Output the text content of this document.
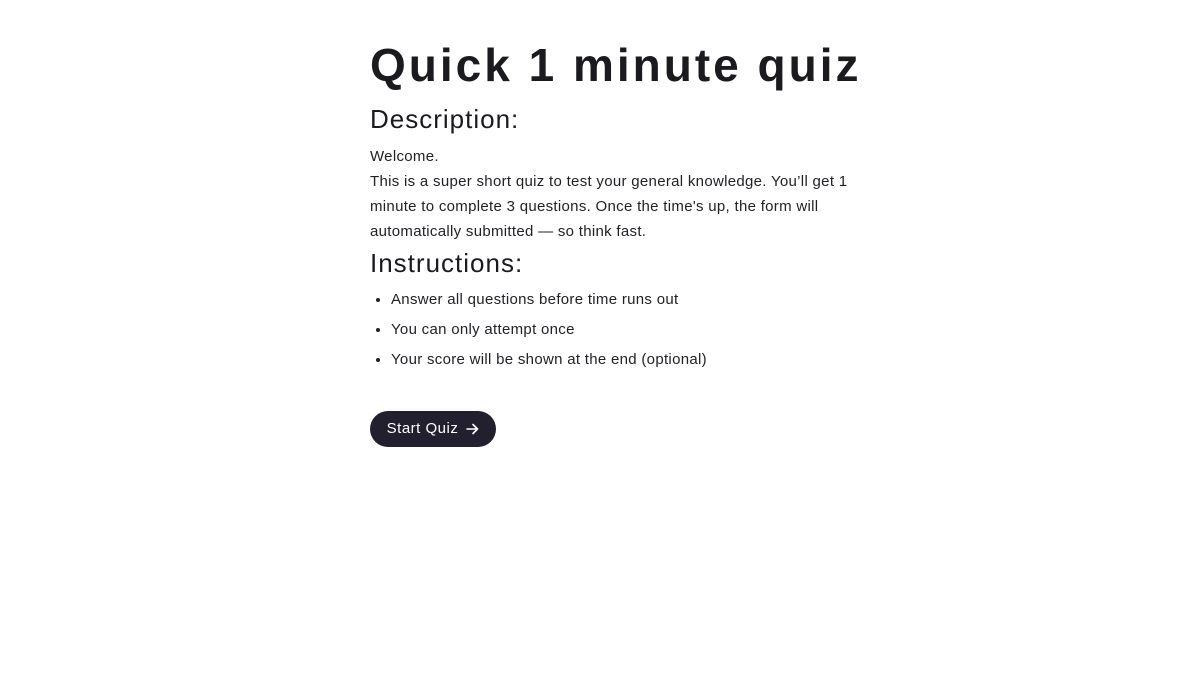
Quick 1 minute quiz
Description:

Welcome.
This is a super short quiz to test your general knowledge. You’ll get 1 minute to complete 3 questions. Once the time's up, the form will automatically submitted — so think fast.

Instructions:
• Answer all questions before time runs out
• You can only attempt once
• Your score will be shown at the end (optional)
Start Quiz
